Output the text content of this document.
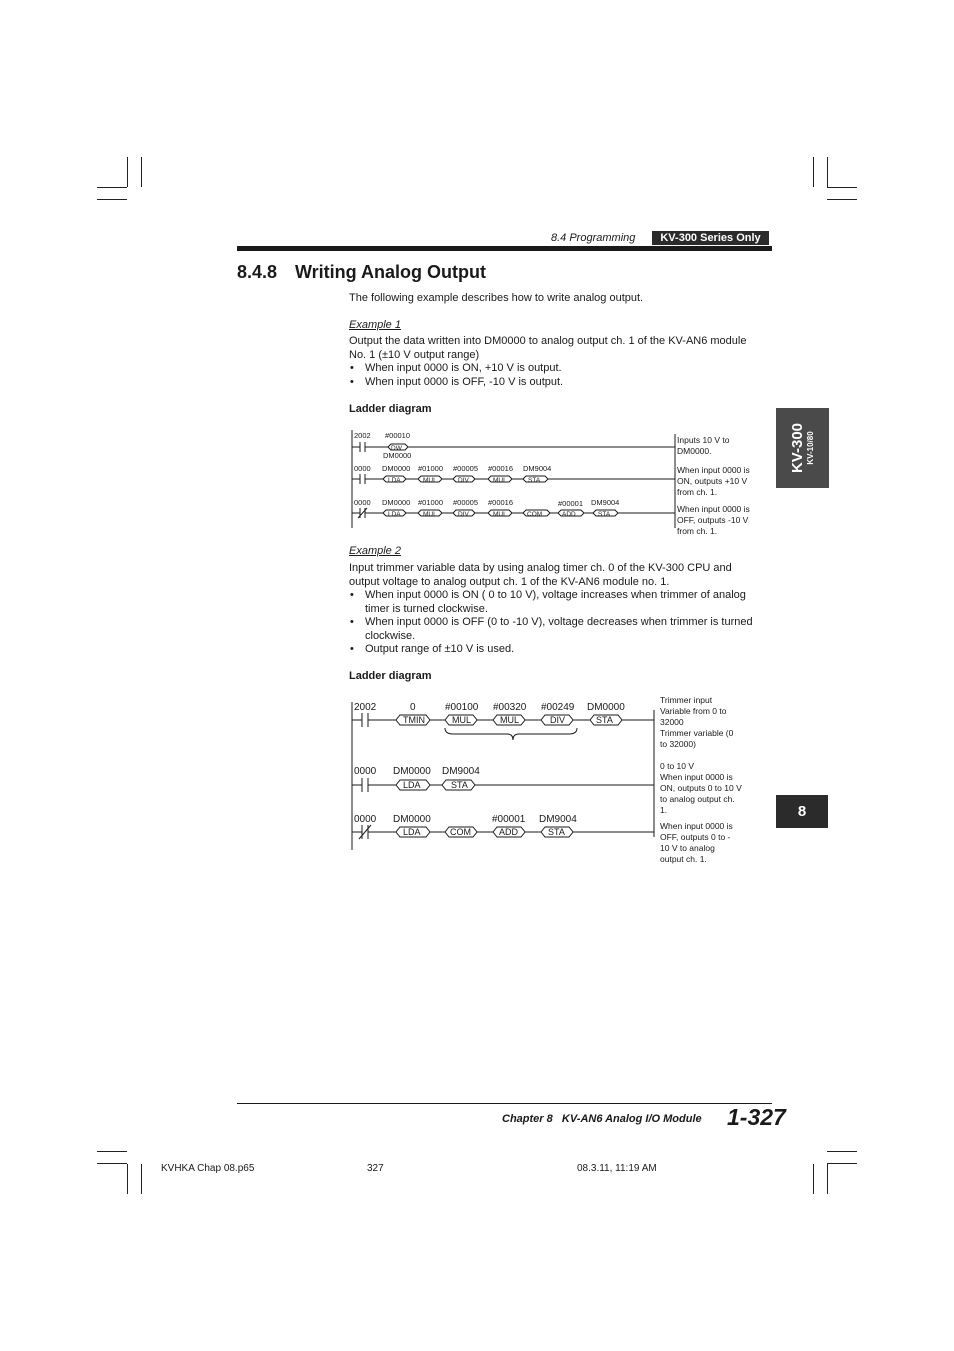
8.4 Programming	KV-300 Series Only
8.4.8 Writing Analog Output
The following example describes how to write analog output.
Example 1
Output the data written into DM0000 to analog output ch. 1 of the KV-AN6 module
No. 1 (±10 V output range)
• When input 0000 is ON, +10 V is output.
• When input 0000 is OFF, -10 V is output.
Ladder diagram
2002 #00010
DW
DM0000
0000 DM0000 #01000 #00005 #00016 DM9004
LDA	MUL	DIV	MUL	STA
0000 DM0000 #01000 #00005 #00016	#00001 DM9004
LDA	MUL	DIV	MUL	COM	ADD	STA
Inputs 10 V to
DM0000.
When input 0000 is
ON, outputs +10 V
from ch. 1.
When input 0000 is
OFF, outputs -10 V
from ch. 1.
Example 2
Input trimmer variable data by using analog timer ch. 0 of the KV-300 CPU and
output voltage to analog output ch. 1 of the KV-AN6 module no. 1.
• When input 0000 is ON ( 0 to 10 V), voltage increases when trimmer of analog
timer is turned clockwise.
• When input 0000 is OFF (0 to -10 V), voltage decreases when trimmer is turned
clockwise.
• Output range of ±10 V is used.
Ladder diagram
2002	0	#00100 #00320 #00249 DM0000
TMIN	MUL	MUL	DIV	STA
0000 DM0000 DM9004
LDA	STA
0000 DM0000	#00001 DM9004
LDA	COM	ADD	STA
Trimmer input
Variable from 0 to
32000
Trimmer variable (0
to 32000)
0 to 10 V
When input 0000 is
ON, outputs 0 to 10 V
to analog output ch.
1.
When input 0000 is
OFF, outputs 0 to -
10 V to analog
output ch. 1.
KV-300 KV-10/80
8
Chapter 8   KV-AN6 Analog I/O Module 1-327
KVHKA Chap 08.p65	327	08.3.11, 11:19 AM
